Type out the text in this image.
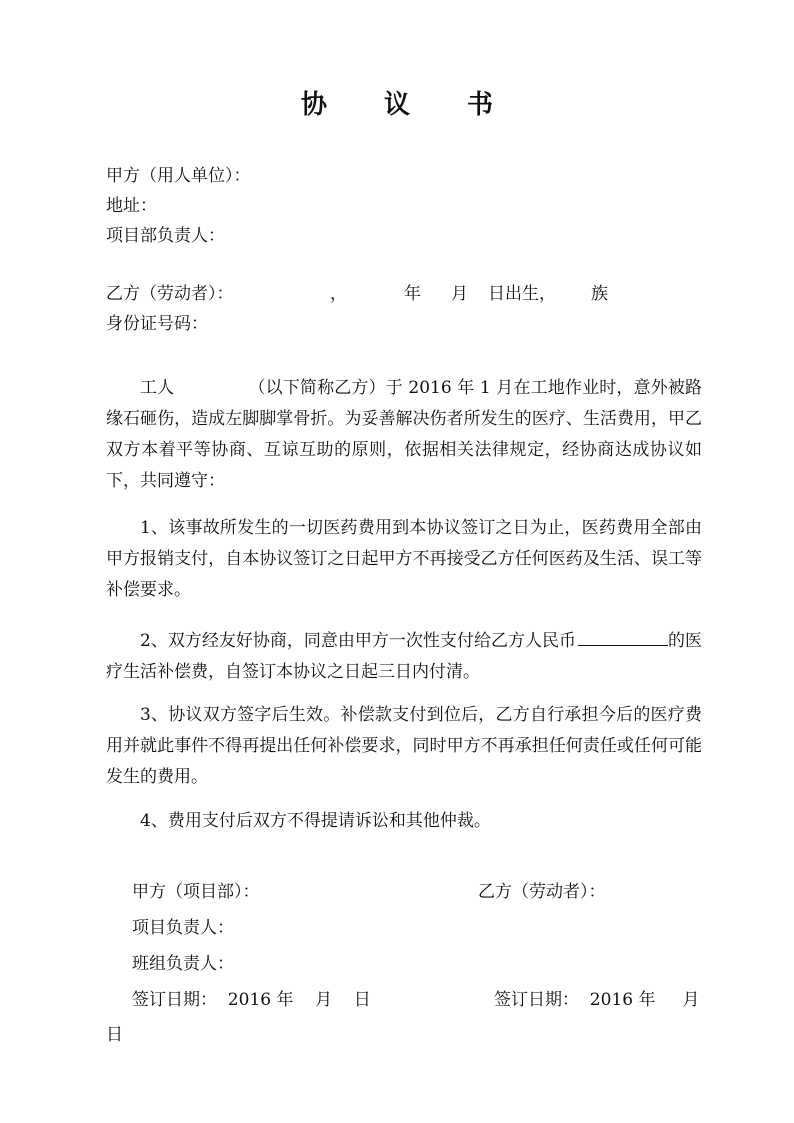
协 议 书
甲方（用人单位）：
地址：
项目部负责人：
乙方（劳动者）：	，	年 月 日出生， 族
身份证号码：
工人	（以下简称乙方）于 2016 年 1 月在工地作业时，意外被路缘石砸伤，造成左脚脚掌骨折。为妥善解决伤者所发生的医疗、生活费用，甲乙双方本着平等协商、互谅互助的原则，依据相关法律规定，经协商达成协议如下，共同遵守：
1、该事故所发生的一切医药费用到本协议签订之日为止，医药费用全部由甲方报销支付，自本协议签订之日起甲方不再接受乙方任何医药及生活、误工等补偿要求。
2、双方经友好协商，同意由甲方一次性支付给乙方人民币	的医疗生活补偿费，自签订本协议之日起三日内付清。
3、协议双方签字后生效。补偿款支付到位后，乙方自行承担今后的医疗费用并就此事件不得再提出任何补偿要求，同时甲方不再承担任何责任或任何可能发生的费用。
4、费用支付后双方不得提请诉讼和其他仲裁。
甲方（项目部）：	乙方（劳动者）：
项目负责人：
班组负责人：
签订日期：  2016 年    月    日	签订日期：  2016 年     月
日
